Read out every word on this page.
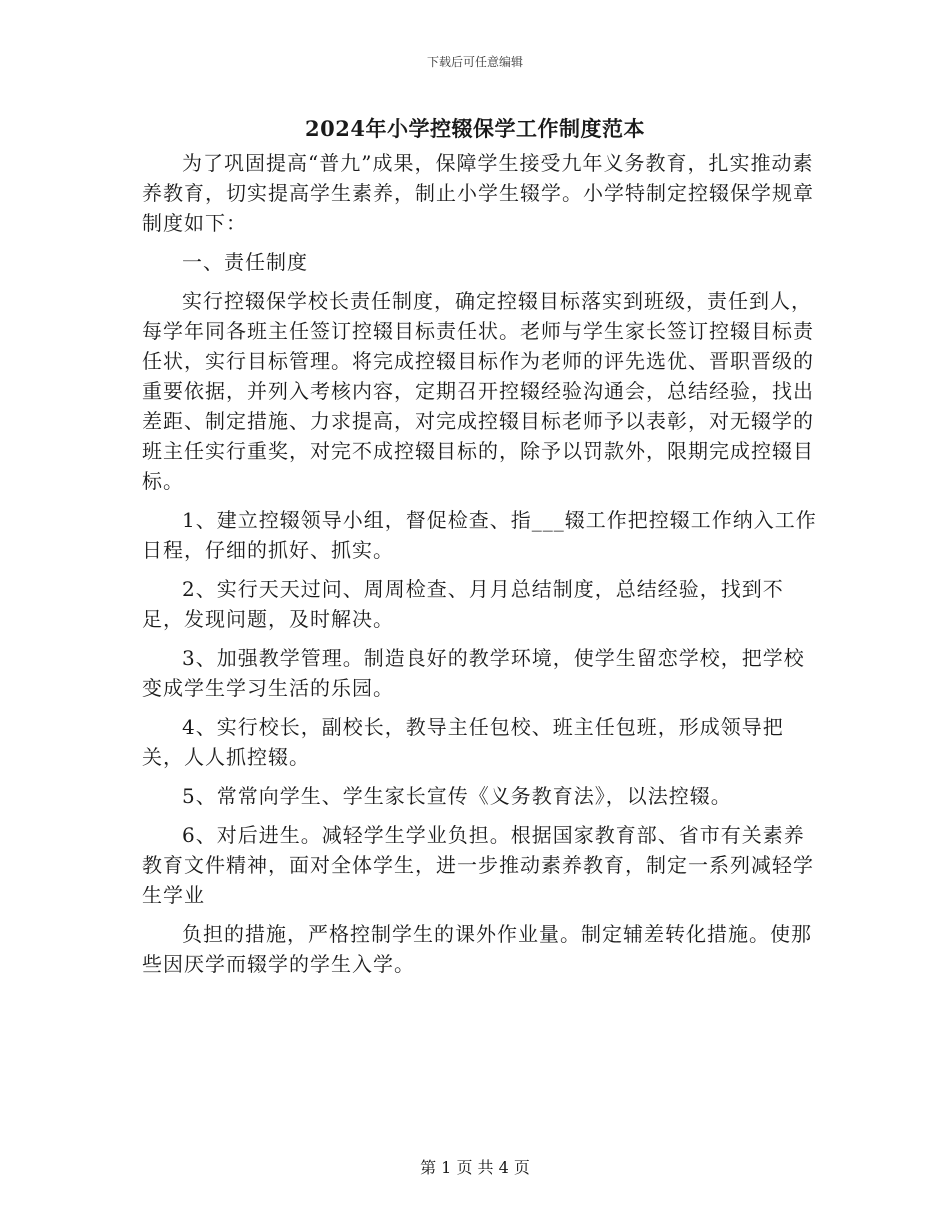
下载后可任意编辑
2024年小学控辍保学工作制度范本

为了巩固提高“普九”成果，保障学生接受九年义务教育，扎实推动素养教育，切实提高学生素养，制止小学生辍学。小学特制定控辍保学规章制度如下：

一、责任制度

实行控辍保学校长责任制度，确定控辍目标落实到班级，责任到人，每学年同各班主任签订控辍目标责任状。老师与学生家长签订控辍目标责任状，实行目标管理。将完成控辍目标作为老师的评先选优、晋职晋级的重要依据，并列入考核内容，定期召开控辍经验沟通会，总结经验，找出差距、制定措施、力求提高，对完成控辍目标老师予以表彰，对无辍学的班主任实行重奖，对完不成控辍目标的，除予以罚款外，限期完成控辍目标。

1、建立控辍领导小组，督促检查、指___辍工作把控辍工作纳入工作日程，仔细的抓好、抓实。

2、实行天天过问、周周检查、月月总结制度，总结经验，找到不足，发现问题，及时解决。

3、加强教学管理。制造良好的教学环境，使学生留恋学校，把学校变成学生学习生活的乐园。

4、实行校长，副校长，教导主任包校、班主任包班，形成领导把关，人人抓控辍。

5、常常向学生、学生家长宣传《义务教育法》，以法控辍。

6、对后进生。减轻学生学业负担。根据国家教育部、省市有关素养教育文件精神，面对全体学生，进一步推动素养教育，制定一系列减轻学生学业

负担的措施，严格控制学生的课外作业量。制定辅差转化措施。使那些因厌学而辍学的学生入学。

第 1 页 共 4 页
